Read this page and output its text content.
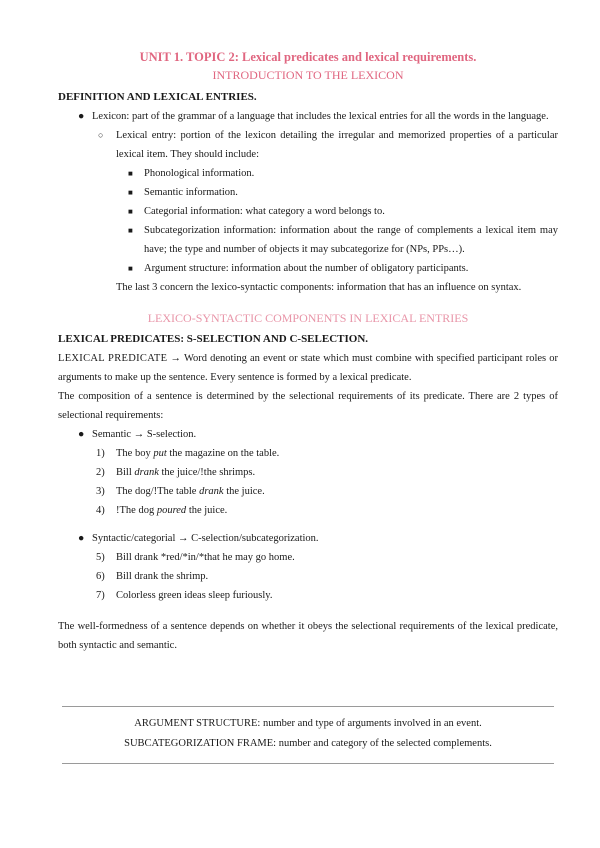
UNIT 1. TOPIC 2: Lexical predicates and lexical requirements.
INTRODUCTION TO THE LEXICON
DEFINITION AND LEXICAL ENTRIES.
● Lexicon: part of the grammar of a language that includes the lexical entries for all the words in the language.
○ Lexical entry: portion of the lexicon detailing the irregular and memorized properties of a particular lexical item. They should include:
■ Phonological information.
■ Semantic information.
■ Categorial information: what category a word belongs to.
■ Subcategorization information: information about the range of complements a lexical item may have; the type and number of objects it may subcategorize for (NPs, PPs…).
■ Argument structure: information about the number of obligatory participants.

The last 3 concern the lexico-syntactic components: information that has an influence on syntax.

LEXICO-SYNTACTIC COMPONENTS IN LEXICAL ENTRIES
LEXICAL PREDICATES: S-SELECTION AND C-SELECTION.

LEXICAL PREDICATE → Word denoting an event or state which must combine with specified participant roles or arguments to make up the sentence. Every sentence is formed by a lexical predicate.

The composition of a sentence is determined by the selectional requirements of its predicate. There are 2 types of selectional requirements:

● Semantic → S-selection.
1) The boy put the magazine on the table.
2) Bill drank the juice/!the shrimps.
3) The dog/!The table drank the juice.
4) !The dog poured the juice.
● Syntactic/categorial → C-selection/subcategorization.
5) Bill drank *red/*in/*that he may go home.
6) Bill drank the shrimp.
7) Colorless green ideas sleep furiously.

The well-formedness of a sentence depends on whether it obeys the selectional requirements of the lexical predicate, both syntactic and semantic.

ARGUMENT STRUCTURE: number and type of arguments involved in an event.
SUBCATEGORIZATION FRAME: number and category of the selected complements.
